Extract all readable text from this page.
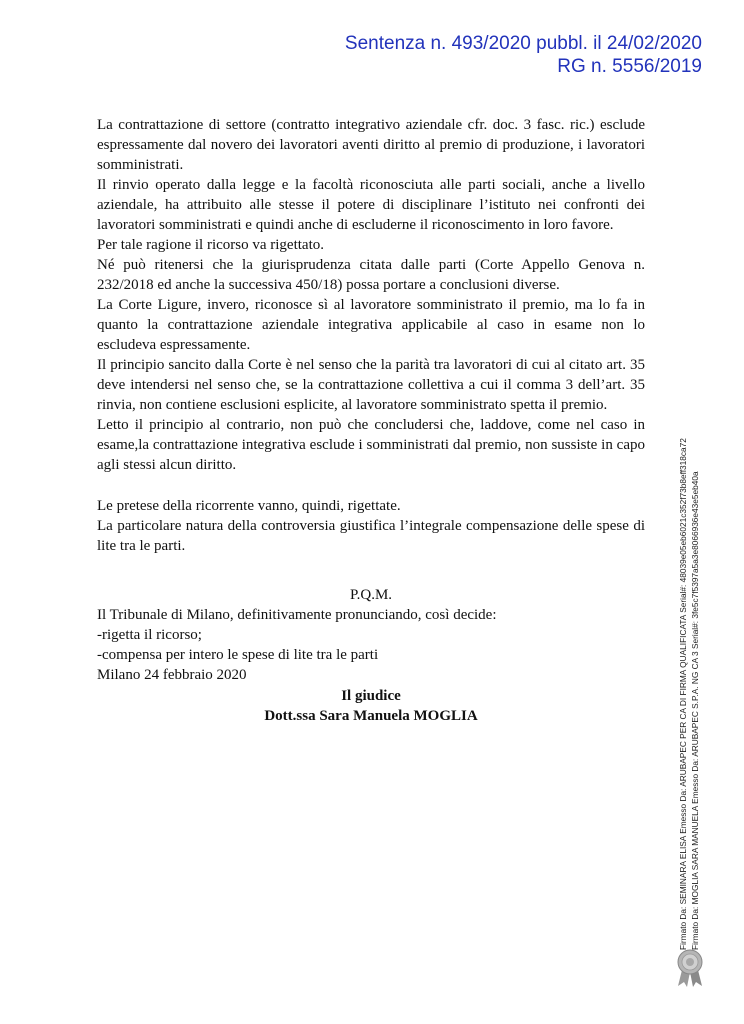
Sentenza n. 493/2020 pubbl. il 24/02/2020
RG n. 5556/2019

La contrattazione di settore (contratto integrativo aziendale cfr. doc. 3 fasc. ric.) esclude espressamente dal novero dei lavoratori aventi diritto al premio di produzione, i lavoratori somministrati.

Il rinvio operato dalla legge e la facoltà riconosciuta alle parti sociali, anche a livello aziendale, ha attribuito alle stesse il potere di disciplinare l’istituto nei confronti dei lavoratori somministrati e quindi anche di escluderne il riconoscimento in loro favore.

Per tale ragione il ricorso va rigettato.

Né può ritenersi che la giurisprudenza citata dalle parti (Corte Appello Genova n. 232/2018 ed anche la successiva 450/18) possa portare a conclusioni diverse.

La Corte Ligure, invero, riconosce sì al lavoratore somministrato il premio, ma lo fa in quanto la contrattazione aziendale integrativa applicabile al caso in esame non lo escludeva espressamente.

Il principio sancito dalla Corte è nel senso che la parità tra lavoratori di cui al citato art. 35 deve intendersi nel senso che, se la contrattazione collettiva a cui il comma 3 dell’art. 35 rinvia, non contiene esclusioni esplicite, al lavoratore somministrato spetta il premio.

Letto il principio al contrario, non può che concludersi che, laddove, come nel caso in esame,la contrattazione integrativa esclude i somministrati dal premio, non sussiste in capo agli stessi alcun diritto.

Le pretese della ricorrente vanno, quindi, rigettate.

La particolare natura della controversia giustifica l’integrale compensazione delle spese di lite tra le parti.

P.Q.M.

Il Tribunale di Milano, definitivamente pronunciando, così decide:

-rigetta il ricorso;

-compensa per intero le spese di lite tra le parti

Milano 24 febbraio 2020

Il giudice

Dott.ssa Sara Manuela MOGLIA	Firmato Da: SEMINARA ELISA Emesso Da: ARUBAPEC PER CA DI FIRMA QUALIFICATA Serial#: 48039e05eb6021c352f73b8eff318ca72 Firmato Da: MOGLIA SARA MANUELA Emesso Da: ARUBAPEC S.P.A. NG CA 3 Serial#: 3fe5c7f5397a5a3e8066936e43e5eb40a
